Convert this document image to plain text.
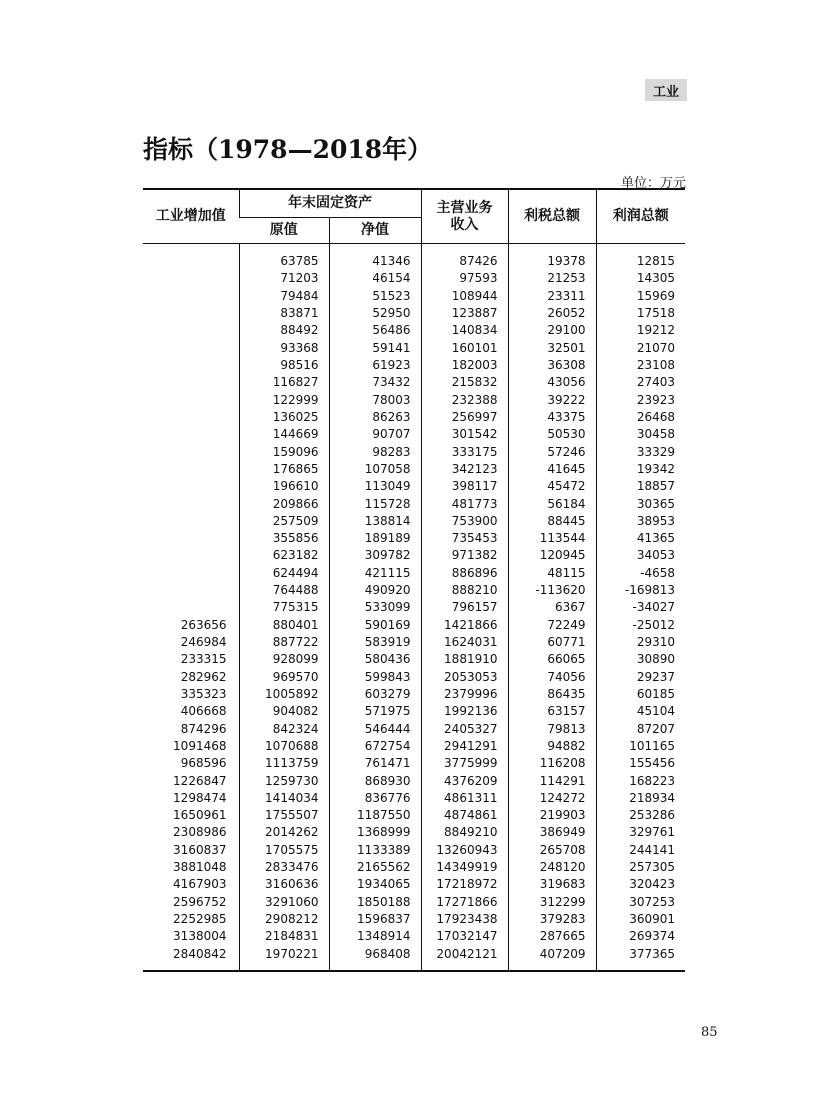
工业
指标（1978—2018年）
单位：万元
工业增加值	年末固定资产		主营业务收入	利税总额	利润总额
	原值	净值			

	63785	41346	87426	19378	12815
	71203	46154	97593	21253	14305
	79484	51523	108944	23311	15969
	83871	52950	123887	26052	17518
	88492	56486	140834	29100	19212
	93368	59141	160101	32501	21070
	98516	61923	182003	36308	23108
	116827	73432	215832	43056	27403
	122999	78003	232388	39222	23923
	136025	86263	256997	43375	26468
	144669	90707	301542	50530	30458
	159096	98283	333175	57246	33329
	176865	107058	342123	41645	19342
	196610	113049	398117	45472	18857
	209866	115728	481773	56184	30365
	257509	138814	753900	88445	38953
	355856	189189	735453	113544	41365
	623182	309782	971382	120945	34053
	624494	421115	886896	48115	-4658
	764488	490920	888210	-113620	-169813
	775315	533099	796157	6367	-34027
263656	880401	590169	1421866	72249	-25012
246984	887722	583919	1624031	60771	29310
233315	928099	580436	1881910	66065	30890
282962	969570	599843	2053053	74056	29237
335323	1005892	603279	2379996	86435	60185
406668	904082	571975	1992136	63157	45104
874296	842324	546444	2405327	79813	87207
1091468	1070688	672754	2941291	94882	101165
968596	1113759	761471	3775999	116208	155456
1226847	1259730	868930	4376209	114291	168223
1298474	1414034	836776	4861311	124272	218934
1650961	1755507	1187550	4874861	219903	253286
2308986	2014262	1368999	8849210	386949	329761
3160837	1705575	1133389	13260943	265708	244141
3881048	2833476	2165562	14349919	248120	257305
4167903	3160636	1934065	17218972	319683	320423
2596752	3291060	1850188	17271866	312299	307253
2252985	2908212	1596837	17923438	379283	360901
3138004	2184831	1348914	17032147	287665	269374
2840842	1970221	968408	20042121	407209	377365

85
